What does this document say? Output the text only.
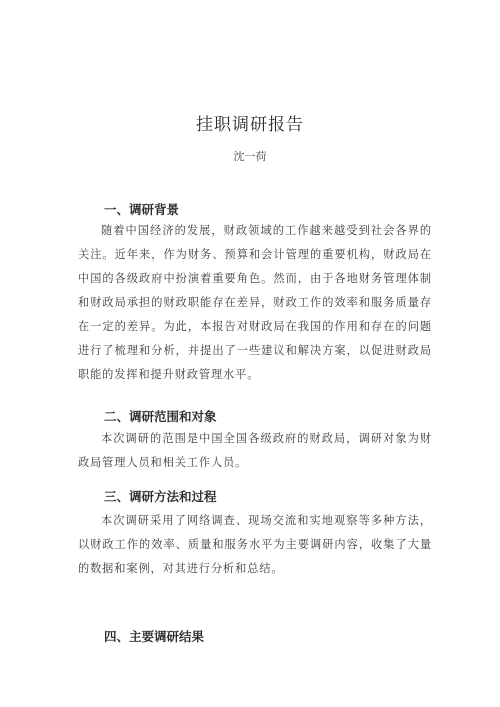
挂职调研报告
沈一荷
一、调研背景

随着中国经济的发展，财政领域的工作越来越受到社会各界的关注。近年来，作为财务、预算和会计管理的重要机构，财政局在中国的各级政府中扮演着重要角色。然而，由于各地财务管理体制和财政局承担的财政职能存在差异，财政工作的效率和服务质量存在一定的差异。为此，本报告对财政局在我国的作用和存在的问题进行了梳理和分析，并提出了一些建议和解决方案，以促进财政局职能的发挥和提升财政管理水平。

二、调研范围和对象

本次调研的范围是中国全国各级政府的财政局，调研对象为财政局管理人员和相关工作人员。

三、调研方法和过程

本次调研采用了网络调查、现场交流和实地观察等多种方法，以财政工作的效率、质量和服务水平为主要调研内容，收集了大量的数据和案例，对其进行分析和总结。

四、主要调研结果
